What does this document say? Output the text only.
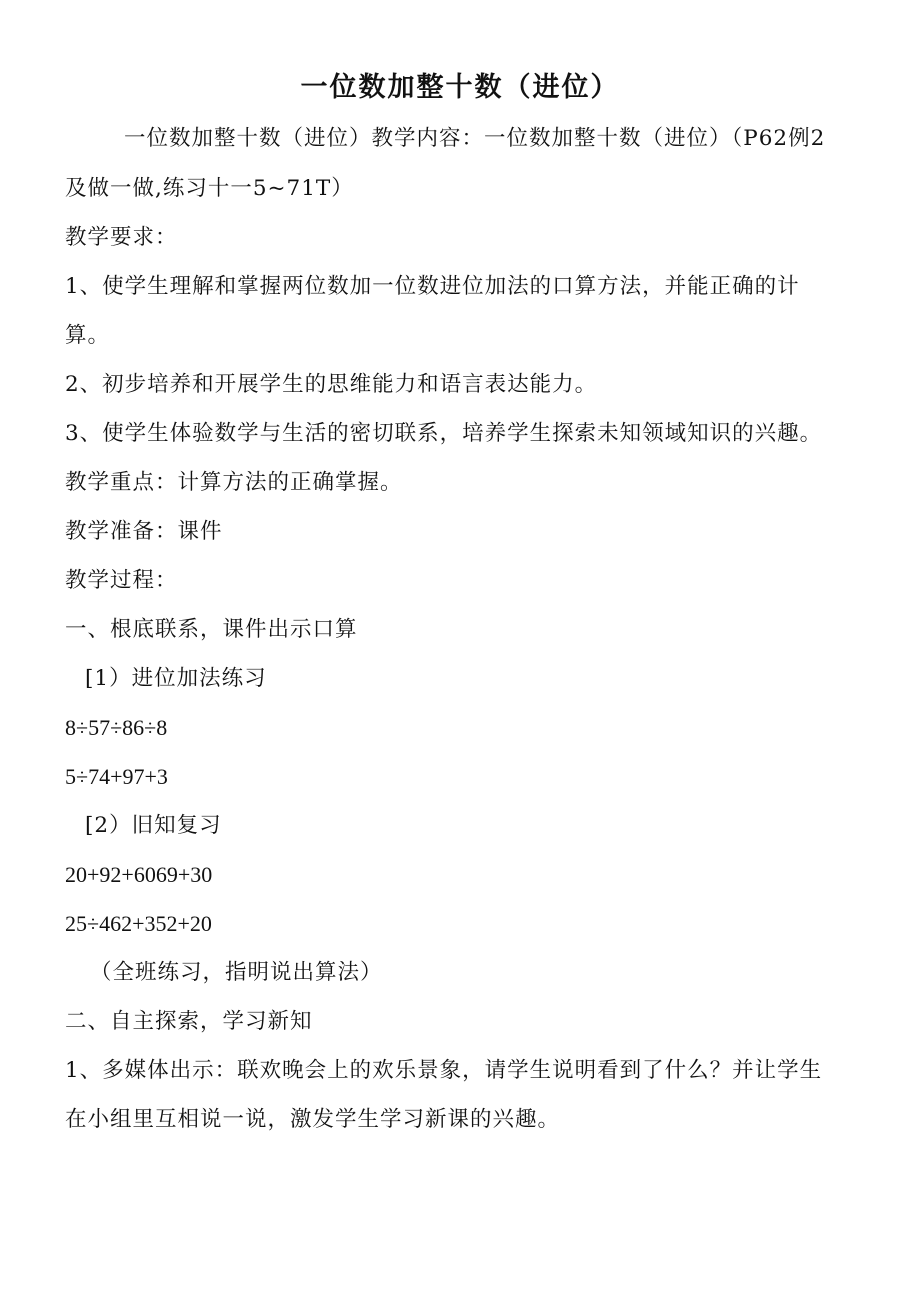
一位数加整十数（进位）
一位数加整十数（进位）教学内容：一位数加整十数（进位）（P62例2
及做一做,练习十一5~71T）
教学要求：
1、使学生理解和掌握两位数加一位数进位加法的口算方法，并能正确的计
算。
2、初步培养和开展学生的思维能力和语言表达能力。
3、使学生体验数学与生活的密切联系，培养学生探索未知领域知识的兴趣。
教学重点：计算方法的正确掌握。
教学准备：课件
教学过程：
一、根底联系，课件出示口算
[1）进位加法练习
8÷57÷86÷8
5÷74+97+3
[2）旧知复习
20+92+6069+30
25÷462+352+20
（全班练习，指明说出算法）
二、自主探索，学习新知
1、多媒体出示：联欢晚会上的欢乐景象，请学生说明看到了什么？并让学生
在小组里互相说一说，激发学生学习新课的兴趣。
